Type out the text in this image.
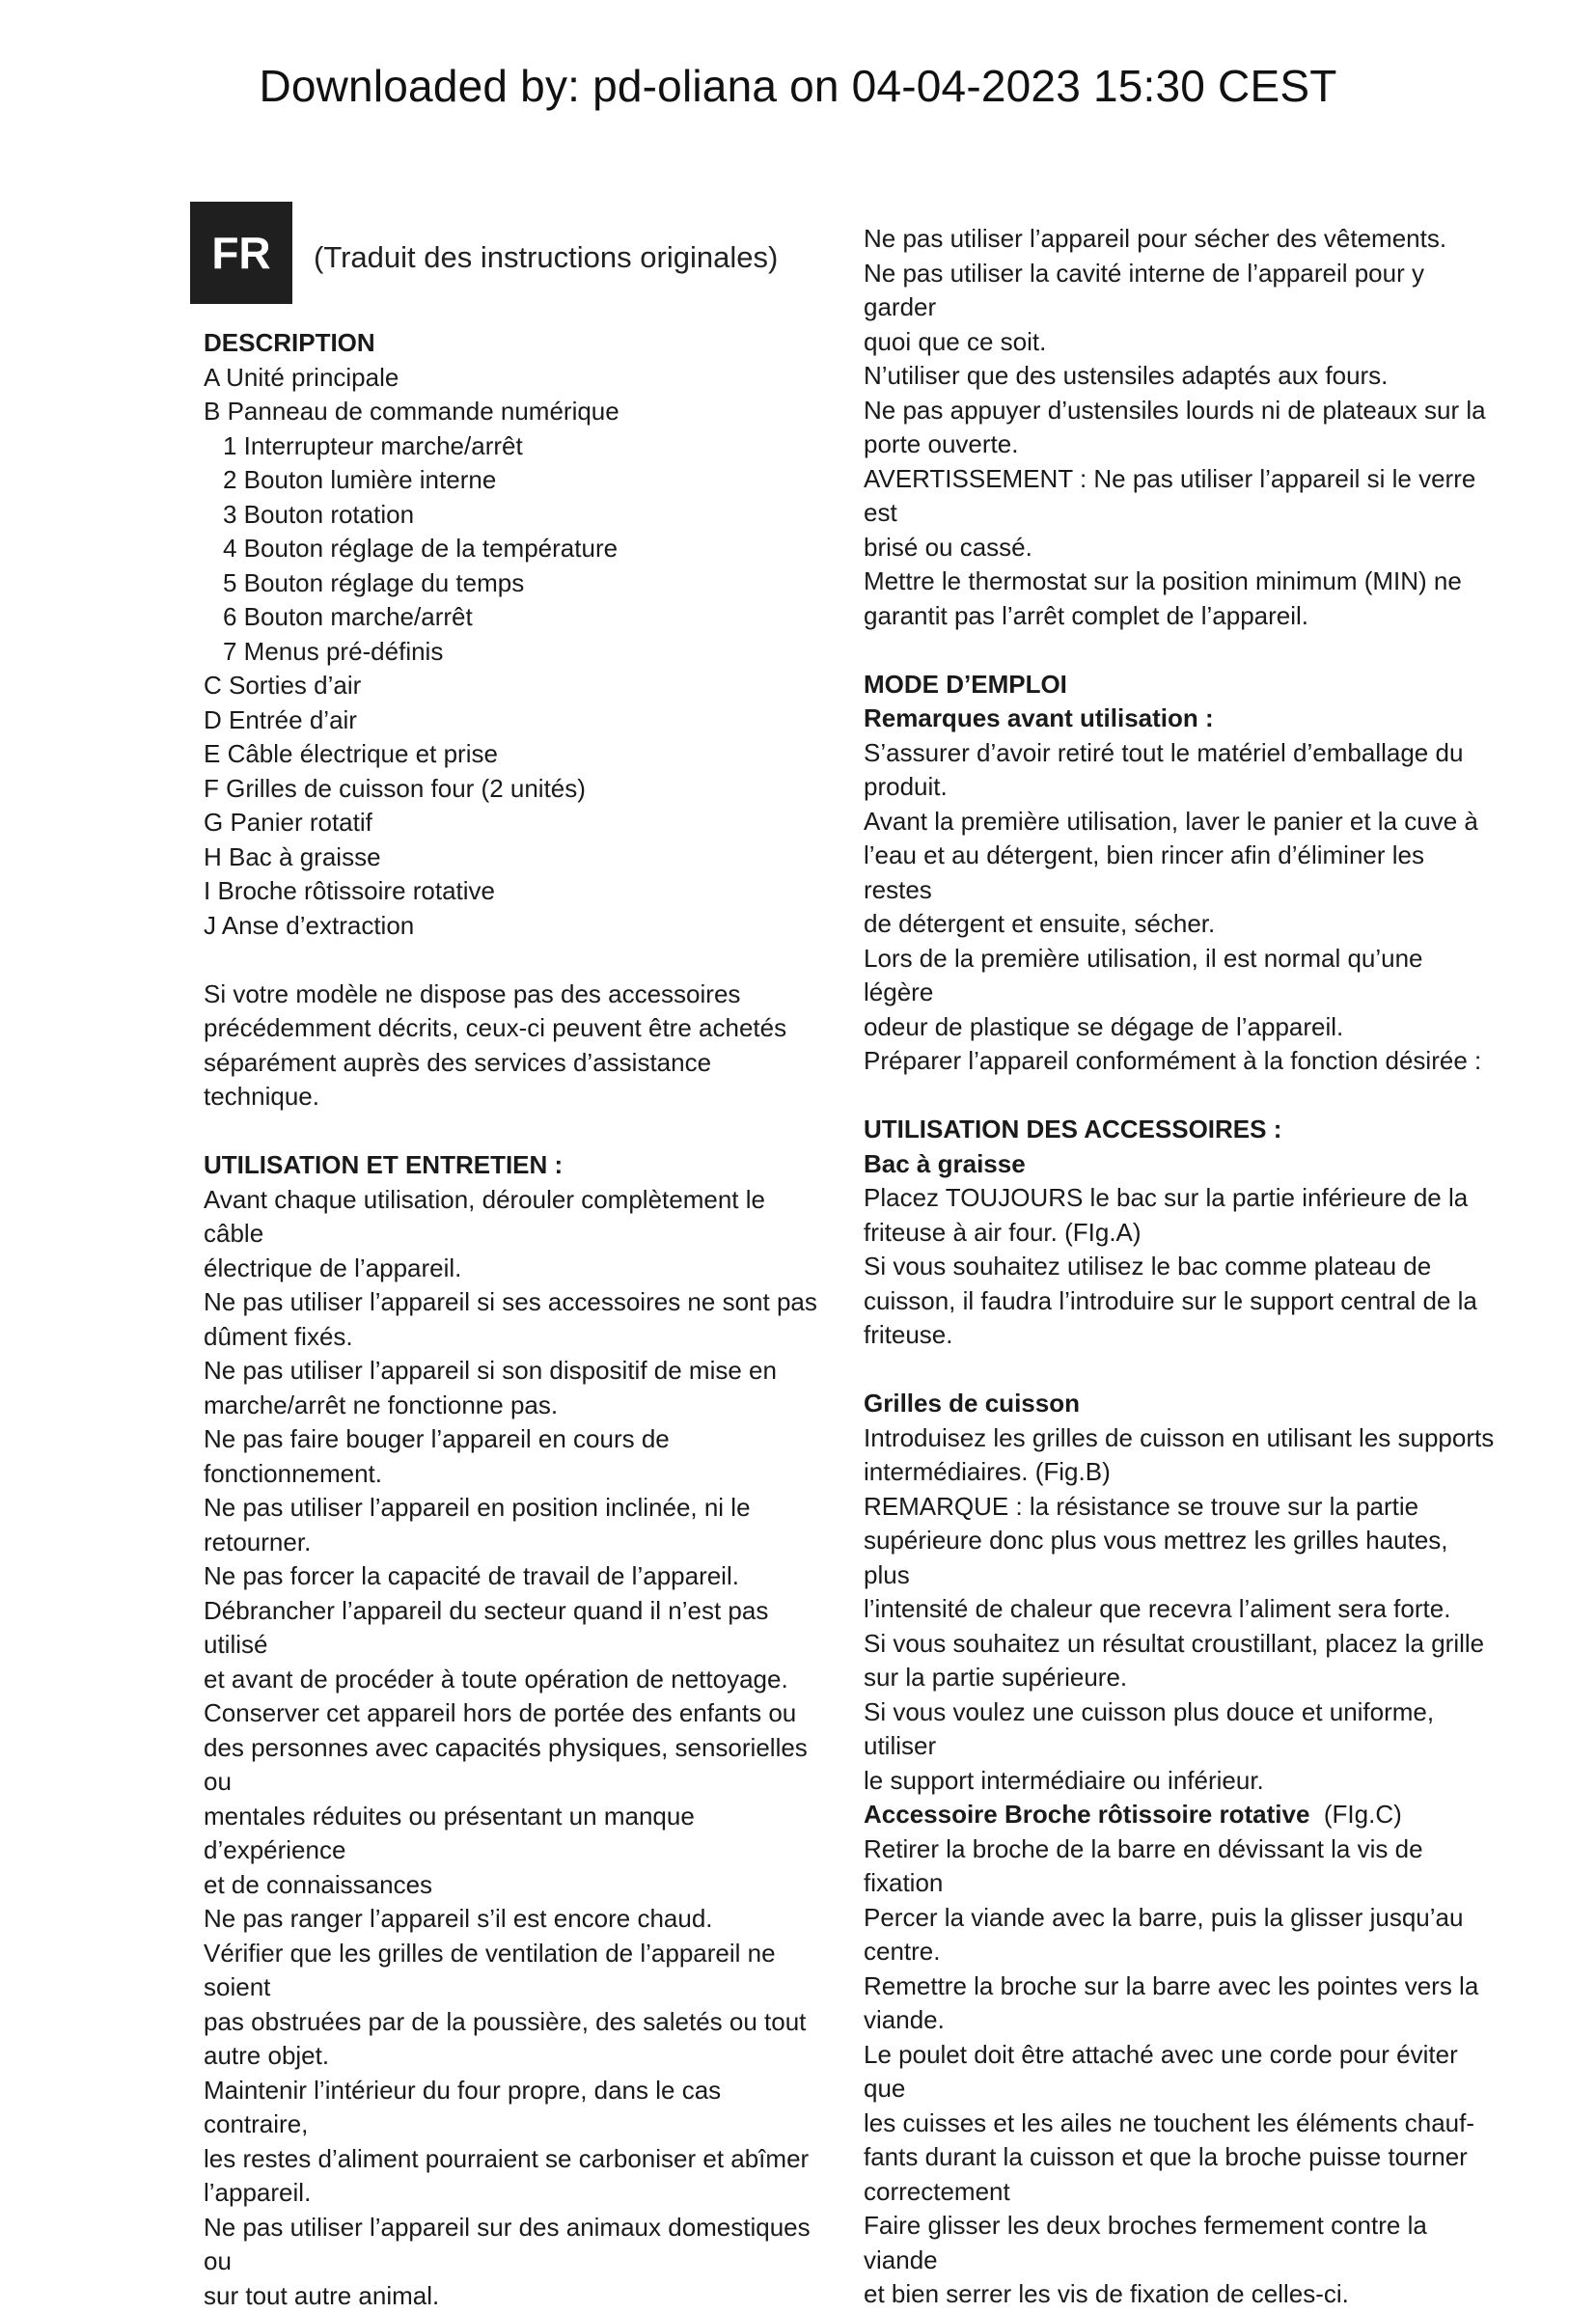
Downloaded by: pd-oliana on 04-04-2023 15:30 CEST
FR	(Traduit des instructions originales)

DESCRIPTION

A Unité principale

B Panneau de commande numérique

1 Interrupteur marche/arrêt

2 Bouton lumière interne

3 Bouton rotation

4 Bouton réglage de la température

5 Bouton réglage du temps

6 Bouton marche/arrêt

7 Menus pré-définis

C Sorties d’air

D Entrée d’air

E Câble électrique et prise

F Grilles de cuisson four (2 unités)

G Panier rotatif

H Bac à graisse

I Broche rôtissoire rotative

J Anse d’extraction

Si votre modèle ne dispose pas des accessoires

précédemment décrits, ceux-ci peuvent être achetés

séparément auprès des services d’assistance technique.

UTILISATION ET ENTRETIEN :

Avant chaque utilisation, dérouler complètement le câble

électrique de l’appareil.

Ne pas utiliser l’appareil si ses accessoires ne sont pas

dûment fixés.

Ne pas utiliser l’appareil si son dispositif de mise en

marche/arrêt ne fonctionne pas.

Ne pas faire bouger l’appareil en cours de fonctionnement.

Ne pas utiliser l’appareil en position inclinée, ni le

retourner.

Ne pas forcer la capacité de travail de l’appareil.

Débrancher l’appareil du secteur quand il n’est pas utilisé

et avant de procéder à toute opération de nettoyage.

Conserver cet appareil hors de portée des enfants ou

des personnes avec capacités physiques, sensorielles ou

mentales réduites ou présentant un manque d’expérience

et de connaissances

Ne pas ranger l’appareil s’il est encore chaud.

Vérifier que les grilles de ventilation de l’appareil ne soient

pas obstruées par de la poussière, des saletés ou tout

autre objet.

Maintenir l’intérieur du four propre, dans le cas contraire,

les restes d’aliment pourraient se carboniser et abîmer

l’appareil.

Ne pas utiliser l’appareil sur des animaux domestiques ou

sur tout autre animal.

Ne pas utiliser l’appareil pour sécher des vêtements.

Ne pas utiliser la cavité interne de l’appareil pour y garder

quoi que ce soit.

N’utiliser que des ustensiles adaptés aux fours.

Ne pas appuyer d’ustensiles lourds ni de plateaux sur la

porte ouverte.

AVERTISSEMENT : Ne pas utiliser l’appareil si le verre est

brisé ou cassé.

Mettre le thermostat sur la position minimum (MIN) ne

garantit pas l’arrêt complet de l’appareil.

MODE D’EMPLOI

Remarques avant utilisation :

S’assurer d’avoir retiré tout le matériel d’emballage du

produit.

Avant la première utilisation, laver le panier et la cuve à

l’eau et au détergent, bien rincer afin d’éliminer les restes

de détergent et ensuite, sécher.

Lors de la première utilisation, il est normal qu’une légère

odeur de plastique se dégage de l’appareil.

Préparer l’appareil conformément à la fonction désirée :

UTILISATION DES ACCESSOIRES :

Bac à graisse

Placez TOUJOURS le bac sur la partie inférieure de la

friteuse à air four. (FIg.A)

Si vous souhaitez utilisez le bac comme plateau de

cuisson, il faudra l’introduire sur le support central de la

friteuse.

Grilles de cuisson

Introduisez les grilles de cuisson en utilisant les supports

intermédiaires. (Fig.B)

REMARQUE : la résistance se trouve sur la partie

supérieure donc plus vous mettrez les grilles hautes, plus

l’intensité de chaleur que recevra l’aliment sera forte.

Si vous souhaitez un résultat croustillant, placez la grille

sur la partie supérieure.

Si vous voulez une cuisson plus douce et uniforme, utiliser

le support intermédiaire ou inférieur.

Accessoire Broche rôtissoire rotative (FIg.C)

Retirer la broche de la barre en dévissant la vis de fixation

Percer la viande avec la barre, puis la glisser jusqu’au

centre.

Remettre la broche sur la barre avec les pointes vers la

viande.

Le poulet doit être attaché avec une corde pour éviter que

les cuisses et les ailes ne touchent les éléments chauf-

fants durant la cuisson et que la broche puisse tourner

correctement

Faire glisser les deux broches fermement contre la viande

et bien serrer les vis de fixation de celles-ci.
